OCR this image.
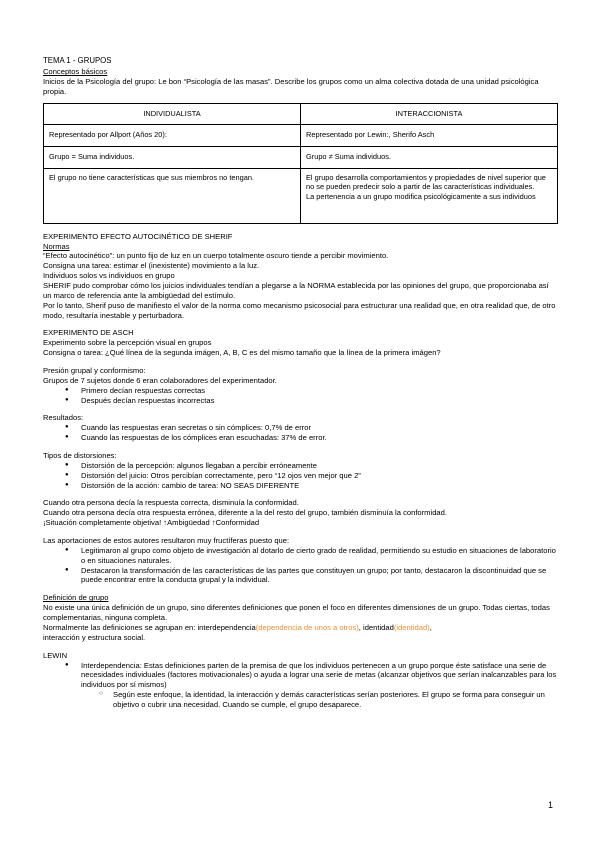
TEMA 1 - GRUPOS

Conceptos básicos

Inicios de la Psicología del grupo: Le bon “Psicología de las masas”. Describe los grupos como un alma colectiva dotada de una unidad psicológica propia.

INDIVIDUALISTA	INTERACCIONISTA
Representado por Allport (Años 20):	Representado por Lewin:, Sherifo Asch
Grupo = Suma individuos.	Grupo ≠ Suma individuos.
El grupo no tiene características que sus miembros no tengan.	El grupo desarrolla comportamientos y propiedades de nivel superior que no se pueden predecir solo a partir de las características individuales.
La pertenencia a un grupo modifica psicológicamente a sus individuos

EXPERIMENTO EFECTO AUTOCINÉTICO DE SHERIF

Normas

“Efecto autocinético”: un punto fijo de luz en un cuerpo totalmente oscuro tiende a percibir movimiento.

Consigna una tarea: estimar el (inexistente) movimiento a la luz.

Individuos solos vs individuos en grupo

SHERIF pudo comprobar cómo los juicios individuales tendían a plegarse a la NORMA establecida por las opiniones del grupo, que proporcionaba así un marco de referencia ante la ambigüedad del estímulo.

Por lo tanto, Sherif puso de manifiesto el valor de la norma como mecanismo psicosocial para estructurar una realidad que, en otra realidad que, de otro modo, resultaría inestable y perturbadora.

EXPERIMENTO DE ASCH

Experimento sobre la percepción visual en grupos

Consigna o tarea: ¿Qué línea de la segunda imágen, A, B, C es del mismo tamaño que la línea de la primera imágen?

Presión grupal y conformismo:

Grupos de 7 sujetos donde 6 eran colaboradores del experimentador.

● Primero decían respuestas correctas
● Después decían respuestas incorrectas

Resultados:

● Cuando las respuestas eran secretas o sin cómplices: 0,7% de error
● Cuando las respuestas de los cómplices eran escuchadas: 37% de error.

Tipos de distorsiones:

● Distorsión de la percepción: algunos llegaban a percibir erróneamente
● Distorsión del juicio: Otros percibían correctamente, pero “12 ojos ven mejor que 2”
● Distorsión de la acción: cambio de tarea: NO SEAS DIFERENTE

Cuando otra persona decía la respuesta correcta, disminuía la conformidad.

Cuando otra persona decía otra respuesta errónea, diferente a la del resto del grupo, también disminuía la conformidad.

¡Situación completamente objetiva! ↑Ambigüedad ↑Conformidad

Las aportaciones de estos autores resultaron muy fructíferas puesto que:

● Legitimaron al grupo como objeto de investigación al dotarlo de cierto grado de realidad, permitiendo su estudio en situaciones de laboratorio o en situaciones naturales.
● Destacaron la transformación de las características de las partes que constituyen un grupo; por tanto, destacaron la discontinuidad que se puede encontrar entre la conducta grupal y la individual.

Definición de grupo

No existe una única definición de un grupo, sino diferentes definiciones que ponen el foco en diferentes dimensiones de un grupo. Todas ciertas, todas complementarias, ninguna completa.

Normalmente las definiciones se agrupan en: interdependencia(dependencia de unos a otros), identidad(identidad),

interacción y estructura social.

LEWIN

● Interdependencia: Estas definiciones parten de la premisa de que los individuos pertenecen a un grupo porque éste satisface una serie de necesidades individuales (factores motivacionales) o ayuda a lograr una serie de metas (alcanzar objetivos que serían inalcanzables para los individuos por sí mismos)
○ Según este enfoque, la identidad, la interacción y demás características serían posteriores. El grupo se forma para conseguir un objetivo o cubrir una necesidad. Cuando se cumple, el grupo desaparece.
1
